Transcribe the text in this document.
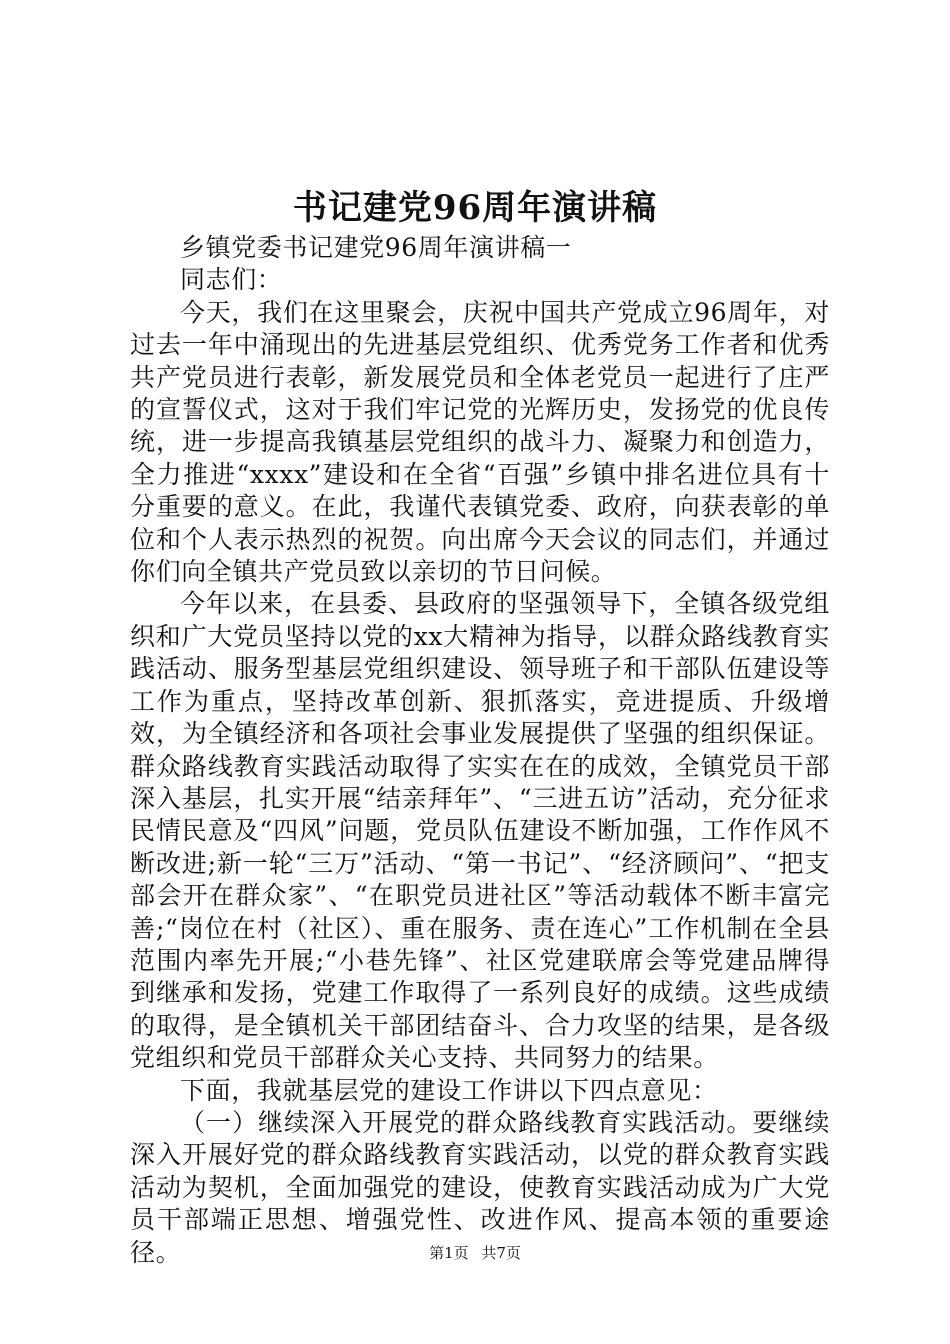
书记建党96周年演讲稿

乡镇党委书记建党96周年演讲稿一

同志们：

今天，我们在这里聚会，庆祝中国共产党成立96周年，对过去一年中涌现出的先进基层党组织、优秀党务工作者和优秀共产党员进行表彰，新发展党员和全体老党员一起进行了庄严的宣誓仪式，这对于我们牢记党的光辉历史，发扬党的优良传统，进一步提高我镇基层党组织的战斗力、凝聚力和创造力，全力推进“xxxx”建设和在全省“百强”乡镇中排名进位具有十分重要的意义。在此，我谨代表镇党委、政府，向获表彰的单位和个人表示热烈的祝贺。向出席今天会议的同志们，并通过你们向全镇共产党员致以亲切的节日问候。

今年以来，在县委、县政府的坚强领导下，全镇各级党组织和广大党员坚持以党的xx大精神为指导，以群众路线教育实践活动、服务型基层党组织建设、领导班子和干部队伍建设等工作为重点，坚持改革创新、狠抓落实，竞进提质、升级增效，为全镇经济和各项社会事业发展提供了坚强的组织保证。群众路线教育实践活动取得了实实在在的成效，全镇党员干部深入基层，扎实开展“结亲拜年”、“三进五访”活动，充分征求民情民意及“四风”问题，党员队伍建设不断加强，工作作风不断改进;新一轮“三万”活动、“第一书记”、“经济顾问”、“把支部会开在群众家”、“在职党员进社区”等活动载体不断丰富完善;“岗位在村（社区）、重在服务、责在连心”工作机制在全县范围内率先开展;“小巷先锋”、社区党建联席会等党建品牌得到继承和发扬，党建工作取得了一系列良好的成绩。这些成绩的取得，是全镇机关干部团结奋斗、合力攻坚的结果，是各级党组织和党员干部群众关心支持、共同努力的结果。

下面，我就基层党的建设工作讲以下四点意见：

（一）继续深入开展党的群众路线教育实践活动。要继续深入开展好党的群众路线教育实践活动，以党的群众教育实践活动为契机，全面加强党的建设，使教育实践活动成为广大党员干部端正思想、增强党性、改进作风、提高本领的重要途径。	第1页 共7页
